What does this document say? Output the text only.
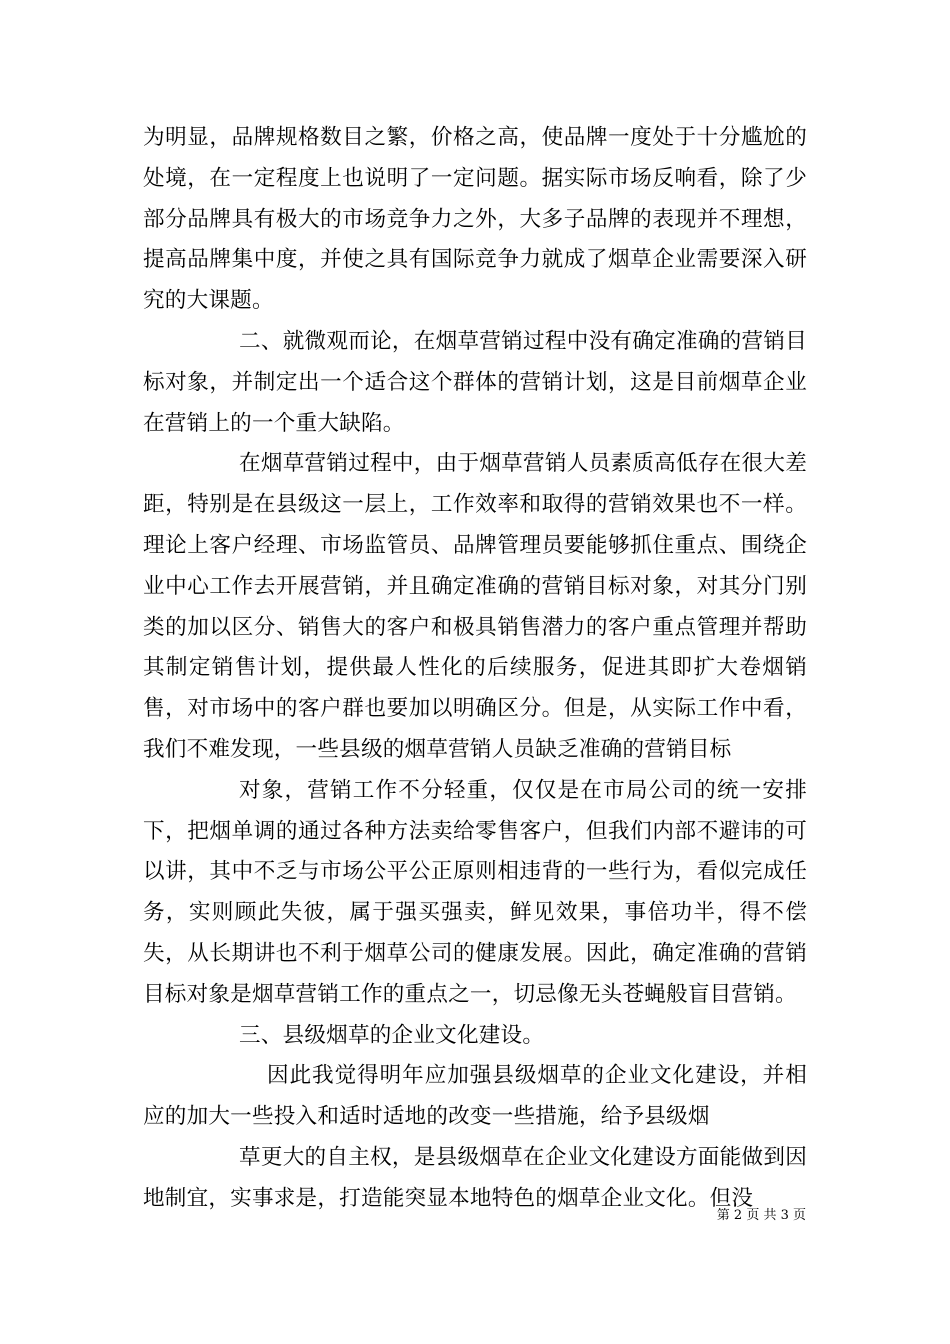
为明显，品牌规格数目之繁，价格之高，使品牌一度处于十分尴尬的处境，在一定程度上也说明了一定问题。据实际市场反响看，除了少部分品牌具有极大的市场竞争力之外，大多子品牌的表现并不理想，提高品牌集中度，并使之具有国际竞争力就成了烟草企业需要深入研究的大课题。

二、就微观而论，在烟草营销过程中没有确定准确的营销目标对象，并制定出一个适合这个群体的营销计划，这是目前烟草企业在营销上的一个重大缺陷。

在烟草营销过程中，由于烟草营销人员素质高低存在很大差距，特别是在县级这一层上，工作效率和取得的营销效果也不一样。理论上客户经理、市场监管员、品牌管理员要能够抓住重点、围绕企业中心工作去开展营销，并且确定准确的营销目标对象，对其分门别类的加以区分、销售大的客户和极具销售潜力的客户重点管理并帮助其制定销售计划，提供最人性化的后续服务，促进其即扩大卷烟销售，对市场中的客户群也要加以明确区分。但是，从实际工作中看，我们不难发现，一些县级的烟草营销人员缺乏准确的营销目标

对象，营销工作不分轻重，仅仅是在市局公司的统一安排下，把烟单调的通过各种方法卖给零售客户，但我们内部不避讳的可以讲，其中不乏与市场公平公正原则相违背的一些行为，看似完成任务，实则顾此失彼，属于强买强卖，鲜见效果，事倍功半，得不偿失，从长期讲也不利于烟草公司的健康发展。因此，确定准确的营销目标对象是烟草营销工作的重点之一，切忌像无头苍蝇般盲目营销。

三、县级烟草的企业文化建设。

因此我觉得明年应加强县级烟草的企业文化建设，并相应的加大一些投入和适时适地的改变一些措施，给予县级烟

草更大的自主权，是县级烟草在企业文化建设方面能做到因地制宜，实事求是，打造能突显本地特色的烟草企业文化。但没

第 2 页 共 3 页
